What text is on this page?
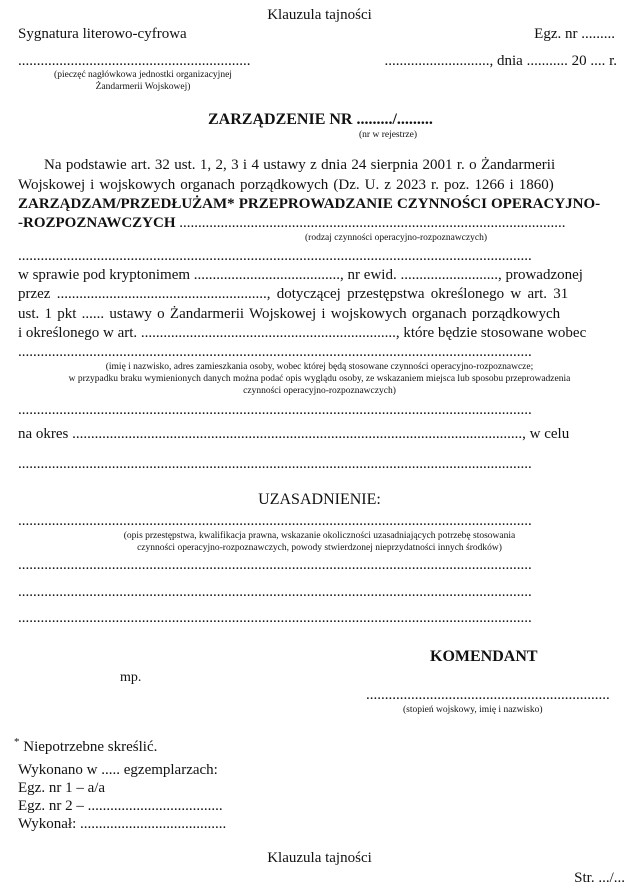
Klauzula tajności
Sygnatura literowo-cyfrowa	Egz. nr .........
..............................................................
(pieczęć nagłówkowa jednostki organizacyjnej
Żandarmerii Wojskowej)
............................, dnia ........... 20 .... r.
ZARZĄDZENIE NR ........./.........
(nr w rejestrze)
Na podstawie art. 32 ust. 1, 2, 3 i 4 ustawy z dnia 24 sierpnia 2001 r. o Żandarmerii
Wojskowej i wojskowych organach porządkowych (Dz. U. z 2023 r. poz. 1266 i 1860)
ZARZĄDZAM/PRZEDŁUŻAM* PRZEPROWADZANIE CZYNNOŚCI OPERACYJNO-
-ROZPOZNAWCZYCH .......................................................................................................
(rodzaj czynności operacyjno-rozpoznawczych)
.........................................................................................................................................
w sprawie pod kryptonimem ......................................., nr ewid. .........................., prowadzonej
przez ........................................................, dotyczącej przestępstwa określonego w art. 31
ust. 1 pkt ...... ustawy o Żandarmerii Wojskowej i wojskowych organach porządkowych
i określonego w art. ...................................................................., które będzie stosowane wobec
.........................................................................................................................................
(imię i nazwisko, adres zamieszkania osoby, wobec której będą stosowane czynności operacyjno-rozpoznawcze;
w przypadku braku wymienionych danych można podać opis wyglądu osoby, ze wskazaniem miejsca lub sposobu przeprowadzenia
czynności operacyjno-rozpoznawczych)
.........................................................................................................................................
na okres ........................................................................................................................, w celu
.........................................................................................................................................
UZASADNIENIE:
.........................................................................................................................................
(opis przestępstwa, kwalifikacja prawna, wskazanie okoliczności uzasadniających potrzebę stosowania
czynności operacyjno-rozpoznawczych, powody stwierdzonej nieprzydatności innych środków)
.........................................................................................................................................
.........................................................................................................................................
.........................................................................................................................................
KOMENDANT
mp.
.................................................................
(stopień wojskowy, imię i nazwisko)
* Niepotrzebne skreślić.
Wykonano w ..... egzemplarzach:
Egz. nr 1 – a/a
Egz. nr 2 – ....................................
Wykonał: .......................................
Klauzula tajności
Str. .../...
